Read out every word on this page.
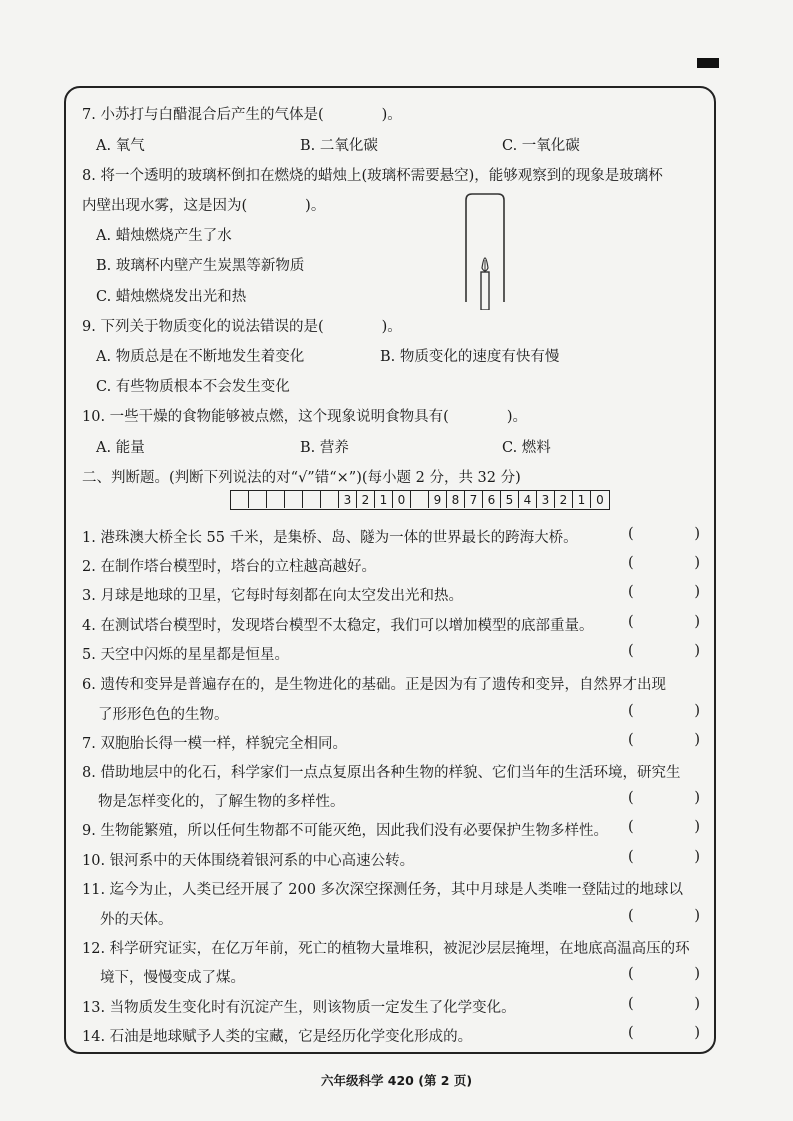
7. 小苏打与白醋混合后产生的气体是(　　　　)。
A. 氧气	B. 二氧化碳	C. 一氧化碳
8. 将一个透明的玻璃杯倒扣在燃烧的蜡烛上(玻璃杯需要悬空)，能够观察到的现象是玻璃杯
内壁出现水雾，这是因为(　　　　)。
A. 蜡烛燃烧产生了水
B. 玻璃杯内壁产生炭黑等新物质
C. 蜡烛燃烧发出光和热
9. 下列关于物质变化的说法错误的是(　　　　)。
A. 物质总是在不断地发生着变化	B. 物质变化的速度有快有慢
C. 有些物质根本不会发生变化
10. 一些干燥的食物能够被点燃，这个现象说明食物具有(　　　　)。
A. 能量	B. 营养	C. 燃料
二、判断题。(判断下列说法的对“√”错“×”)(每小题 2 分，共 32 分)
3 2 1 0	9 8 7 6 5 4 3 2 1 0
1. 港珠澳大桥全长 55 千米，是集桥、岛、隧为一体的世界最长的跨海大桥。	(	)
2. 在制作塔台模型时，塔台的立柱越高越好。	(	)
3. 月球是地球的卫星，它每时每刻都在向太空发出光和热。	(	)
4. 在测试塔台模型时，发现塔台模型不太稳定，我们可以增加模型的底部重量。 (	)
5. 天空中闪烁的星星都是恒星。	(	)
6. 遗传和变异是普遍存在的，是生物进化的基础。正是因为有了遗传和变异，自然界才出现
了形形色色的生物。	(	)
7. 双胞胎长得一模一样，样貌完全相同。	(	)
8. 借助地层中的化石，科学家们一点点复原出各种生物的样貌、它们当年的生活环境，研究生
物是怎样变化的，了解生物的多样性。	(	)
9. 生物能繁殖，所以任何生物都不可能灭绝，因此我们没有必要保护生物多样性。 (	)
10. 银河系中的天体围绕着银河系的中心高速公转。	(	)
11. 迄今为止，人类已经开展了 200 多次深空探测任务，其中月球是人类唯一登陆过的地球以
外的天体。	(	)
12. 科学研究证实，在亿万年前，死亡的植物大量堆积，被泥沙层层掩埋，在地底高温高压的环
境下，慢慢变成了煤。	(	)
13. 当物质发生变化时有沉淀产生，则该物质一定发生了化学变化。	(	)
14. 石油是地球赋予人类的宝藏，它是经历化学变化形成的。	(	)
六年级科学 420 (第 2 页)
